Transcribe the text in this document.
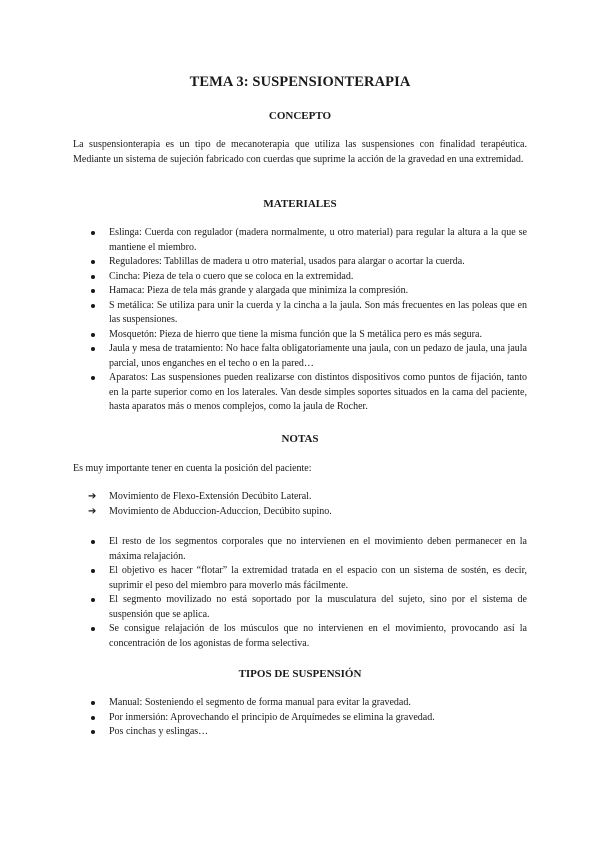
TEMA 3: SUSPENSIONTERAPIA
CONCEPTO
La suspensionterapia es un tipo de mecanoterapia que utiliza las suspensiones con finalidad terapéutica. Mediante un sistema de sujeción fabricado con cuerdas que suprime la acción de la gravedad en una extremidad.
MATERIALES
Eslinga: Cuerda con regulador (madera normalmente, u otro material) para regular la altura a la que se mantiene el miembro.
Reguladores: Tablillas de madera u otro material, usados para alargar o acortar la cuerda.
Cincha: Pieza de tela o cuero que se coloca en la extremidad.
Hamaca: Pieza de tela más grande y alargada que minimiza la compresión.
S metálica: Se utiliza para unir la cuerda y la cincha a la jaula. Son más frecuentes en las poleas que en las suspensiones.
Mosquetón: Pieza de hierro que tiene la misma función que la S metálica pero es más segura.
Jaula y mesa de tratamiento: No hace falta obligatoriamente una jaula, con un pedazo de jaula, una jaula parcial, unos enganches en el techo o en la pared…
Aparatos: Las suspensiones pueden realizarse con distintos dispositivos como puntos de fijación, tanto en la parte superior como en los laterales. Van desde simples soportes situados en la cama del paciente, hasta aparatos más o menos complejos, como la jaula de Rocher.
NOTAS
Es muy importante tener en cuenta la posición del paciente:
➔ Movimiento de Flexo-Extensión Decúbito Lateral.
➔ Movimiento de Abduccion-Aduccion, Decúbito supino.
El resto de los segmentos corporales que no intervienen en el movimiento deben permanecer en la máxima relajación.
El objetivo es hacer “flotar” la extremidad tratada en el espacio con un sistema de sostén, es decir, suprimir el peso del miembro para moverlo más fácilmente.
El segmento movilizado no está soportado por la musculatura del sujeto, sino por el sistema de suspensión que se aplica.
Se consigue relajación de los músculos que no intervienen en el movimiento, provocando así la concentración de los agonistas de forma selectiva.
TIPOS DE SUSPENSIÓN
Manual: Sosteniendo el segmento de forma manual para evitar la gravedad.
Por inmersión: Aprovechando el principio de Arquímedes se elimina la gravedad.
Pos cinchas y eslingas…
